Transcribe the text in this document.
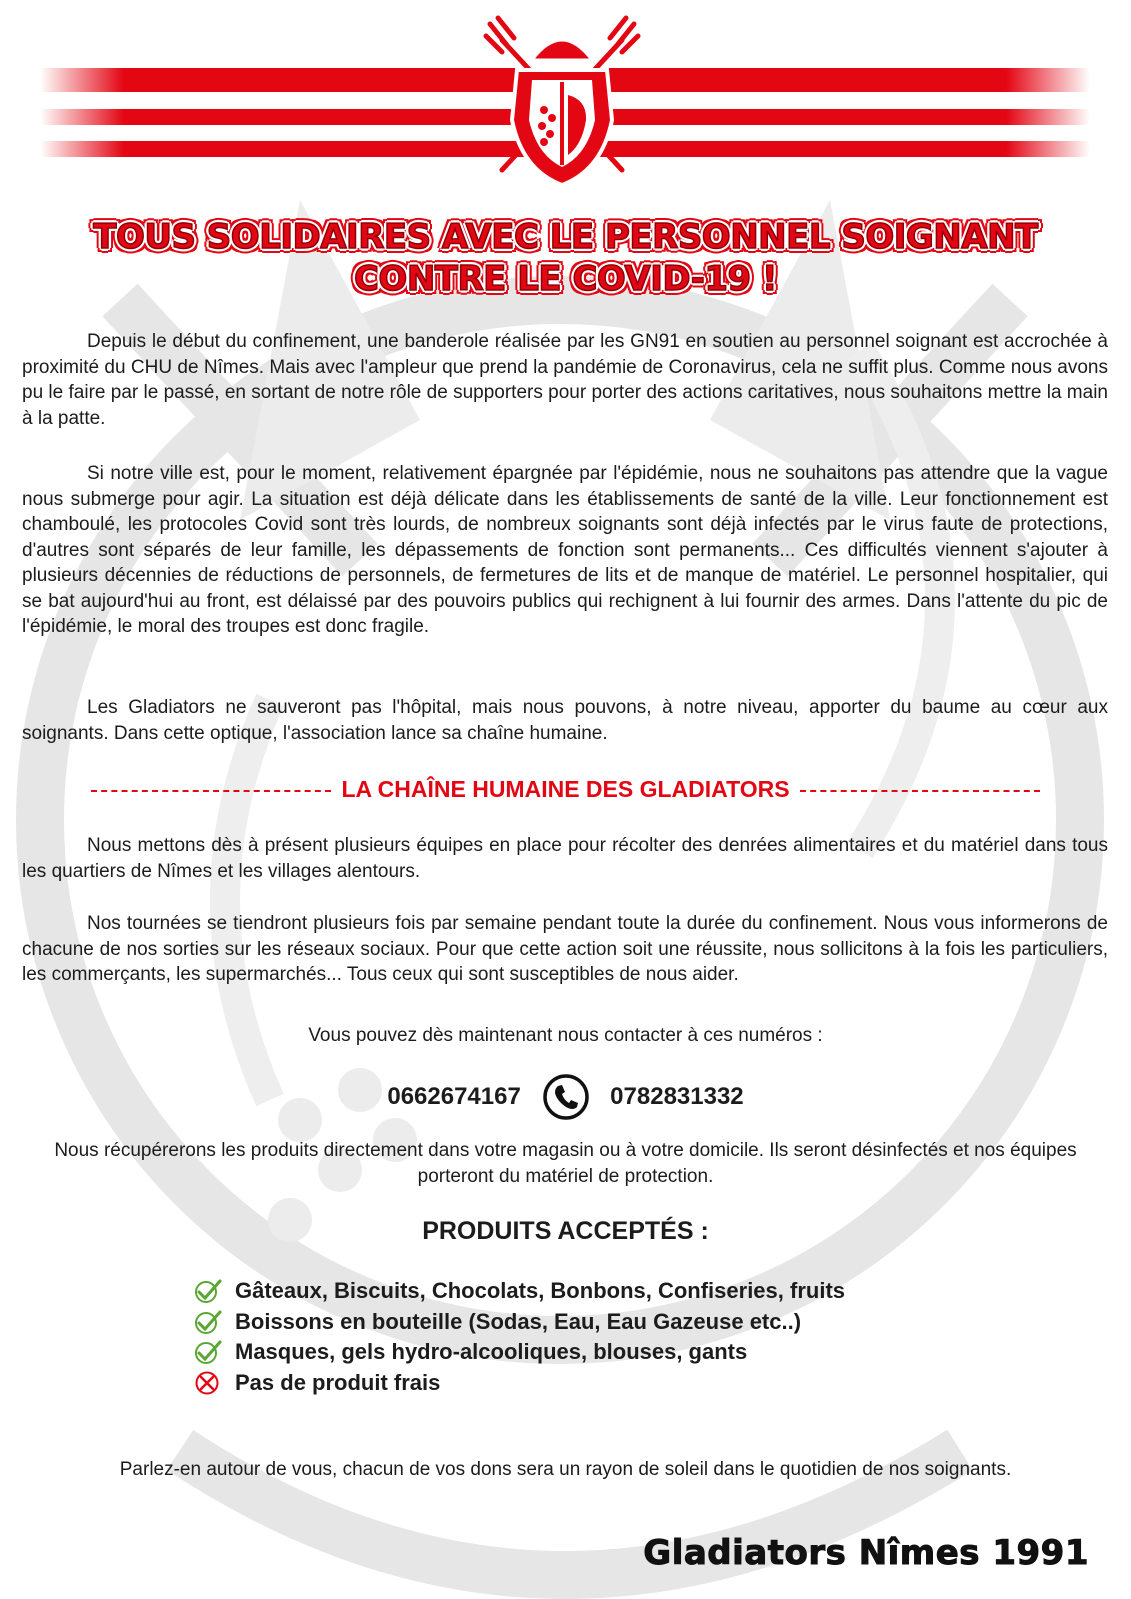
TOUS SOLIDAIRES AVEC LE PERSONNEL SOIGNANT
CONTRE LE COVID-19 !

Depuis le début du confinement, une banderole réalisée par les GN91 en soutien au personnel soignant est accrochée à proximité du CHU de Nîmes. Mais avec l'ampleur que prend la pandémie de Coronavirus, cela ne suffit plus. Comme nous avons pu le faire par le passé, en sortant de notre rôle de supporters pour porter des actions caritatives, nous souhaitons mettre la main à la patte.

Si notre ville est, pour le moment, relativement épargnée par l'épidémie, nous ne souhaitons pas attendre que la vague nous submerge pour agir. La situation est déjà délicate dans les établissements de santé de la ville. Leur fonctionnement est chamboulé, les protocoles Covid sont très lourds, de nombreux soignants sont déjà infectés par le virus faute de protections, d'autres sont séparés de leur famille, les dépassements de fonction sont permanents... Ces difficultés viennent s'ajouter à plusieurs décennies de réductions de personnels, de fermetures de lits et de manque de matériel. Le personnel hospitalier, qui se bat aujourd'hui au front, est délaissé par des pouvoirs publics qui rechignent à lui fournir des armes. Dans l'attente du pic de l'épidémie, le moral des troupes est donc fragile.

Les Gladiators ne sauveront pas l'hôpital, mais nous pouvons, à notre niveau, apporter du baume au cœur aux soignants. Dans cette optique, l'association lance sa chaîne humaine.

LA CHAÎNE HUMAINE DES GLADIATORS

Nous mettons dès à présent plusieurs équipes en place pour récolter des denrées alimentaires et du matériel dans tous les quartiers de Nîmes et les villages alentours.

Nos tournées se tiendront plusieurs fois par semaine pendant toute la durée du confinement. Nous vous informerons de chacune de nos sorties sur les réseaux sociaux. Pour que cette action soit une réussite, nous sollicitons à la fois les particuliers, les commerçants, les supermarchés... Tous ceux qui sont susceptibles de nous aider.

Vous pouvez dès maintenant nous contacter à ces numéros :
0662674167	0782831332

Nous récupérerons les produits directement dans votre magasin ou à votre domicile. Ils seront désinfectés et nos équipes porteront du matériel de protection.

PRODUITS ACCEPTÉS :
Gâteaux, Biscuits, Chocolats, Bonbons, Confiseries, fruits
Boissons en bouteille (Sodas, Eau, Eau Gazeuse etc..)
Masques, gels hydro-alcooliques, blouses, gants
Pas de produit frais
Parlez-en autour de vous, chacun de vos dons sera un rayon de soleil dans le quotidien de nos soignants.
Gladiators Nîmes 1991
